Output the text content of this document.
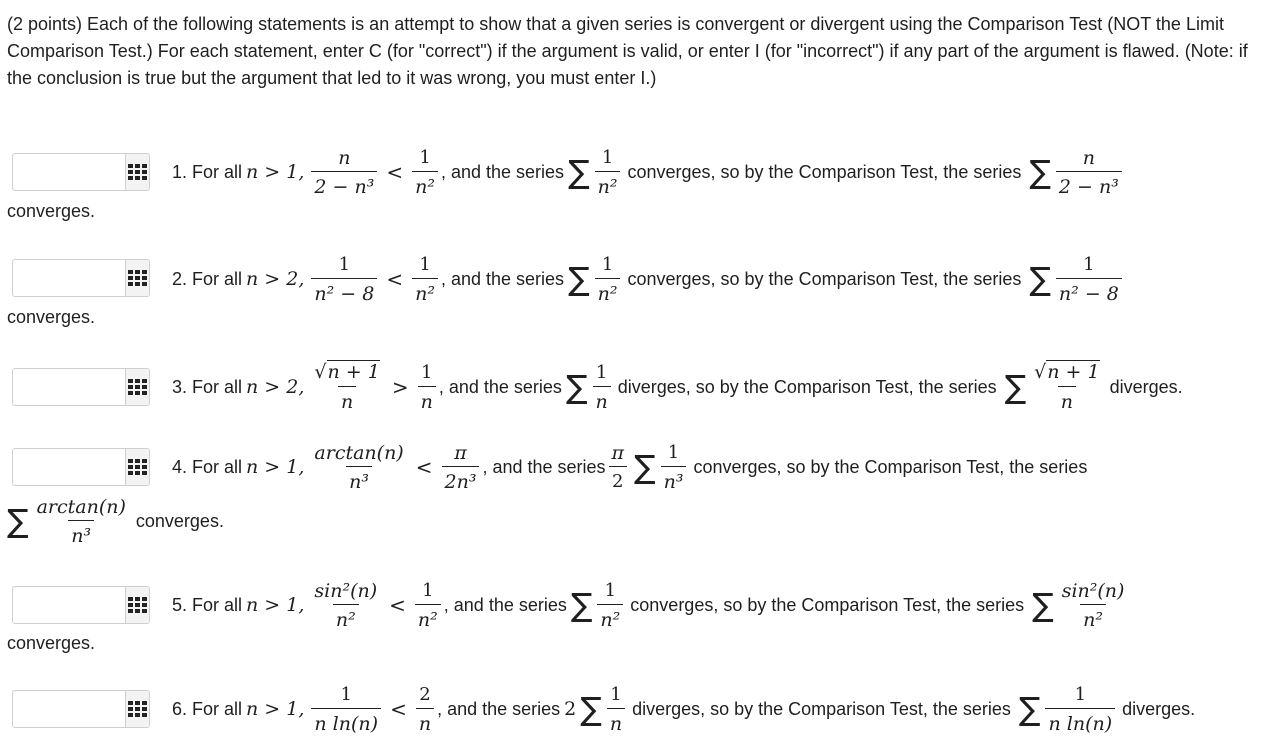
(2 points) Each of the following statements is an attempt to show that a given series is convergent or divergent using the Comparison Test (NOT the Limit Comparison Test.) For each statement, enter C (for "correct") if the argument is valid, or enter I (for "incorrect") if any part of the argument is flawed. (Note: if the conclusion is true but the argument that led to it was wrong, you must enter I.)

1. For all n > 1, $\frac{n}{\text{2 − n³}} < \frac{1}{\text{n²}}$ , and the series ∑ $\frac{1}{\text{n²}}$ converges, so by the Comparison Test, the series ∑ $\frac{n}{\text{2 − n³}}$
converges.
2. For all n > 2, $\frac{1}{\text{n² − 8}} < \frac{1}{\text{n²}}$ , and the series ∑ $\frac{1}{\text{n²}}$ converges, so by the Comparison Test, the series ∑ $\frac{1}{\text{n² − 8}}$
converges.
3. For all n > 2, $\frac{√n + 1}{n} > \frac{1}{n}$ , and the series ∑ $\frac{1}{n}$ diverges, so by the Comparison Test, the series ∑ $\frac{√n + 1}{n}$ diverges.
4. For all n > 1, $\frac{\arctan(n)}{\text{n³}} < \frac{\pi}{\text{2n³}}$ , and the series $\frac{\pi}{2}$ ∑ $\frac{1}{\text{n³}}$ converges, so by the Comparison Test, the series
∑ $\frac{\arctan(n)}{\text{n³}}$ converges.
5. For all n > 1, $\frac{\text{sin²(n)}}{\text{n²}} < \frac{1}{\text{n²}}$ , and the series ∑ $\frac{1}{\text{n²}}$ converges, so by the Comparison Test, the series ∑ $\frac{\text{sin²(n)}}{\text{n²}}$
converges.
6. For all n > 1, $\frac{1}{\text{n ln(n)}} < \frac{2}{n}$ , and the series 2 ∑ $\frac{1}{n}$ diverges, so by the Comparison Test, the series ∑ $\frac{1}{\text{n ln(n)}}$ diverges.
